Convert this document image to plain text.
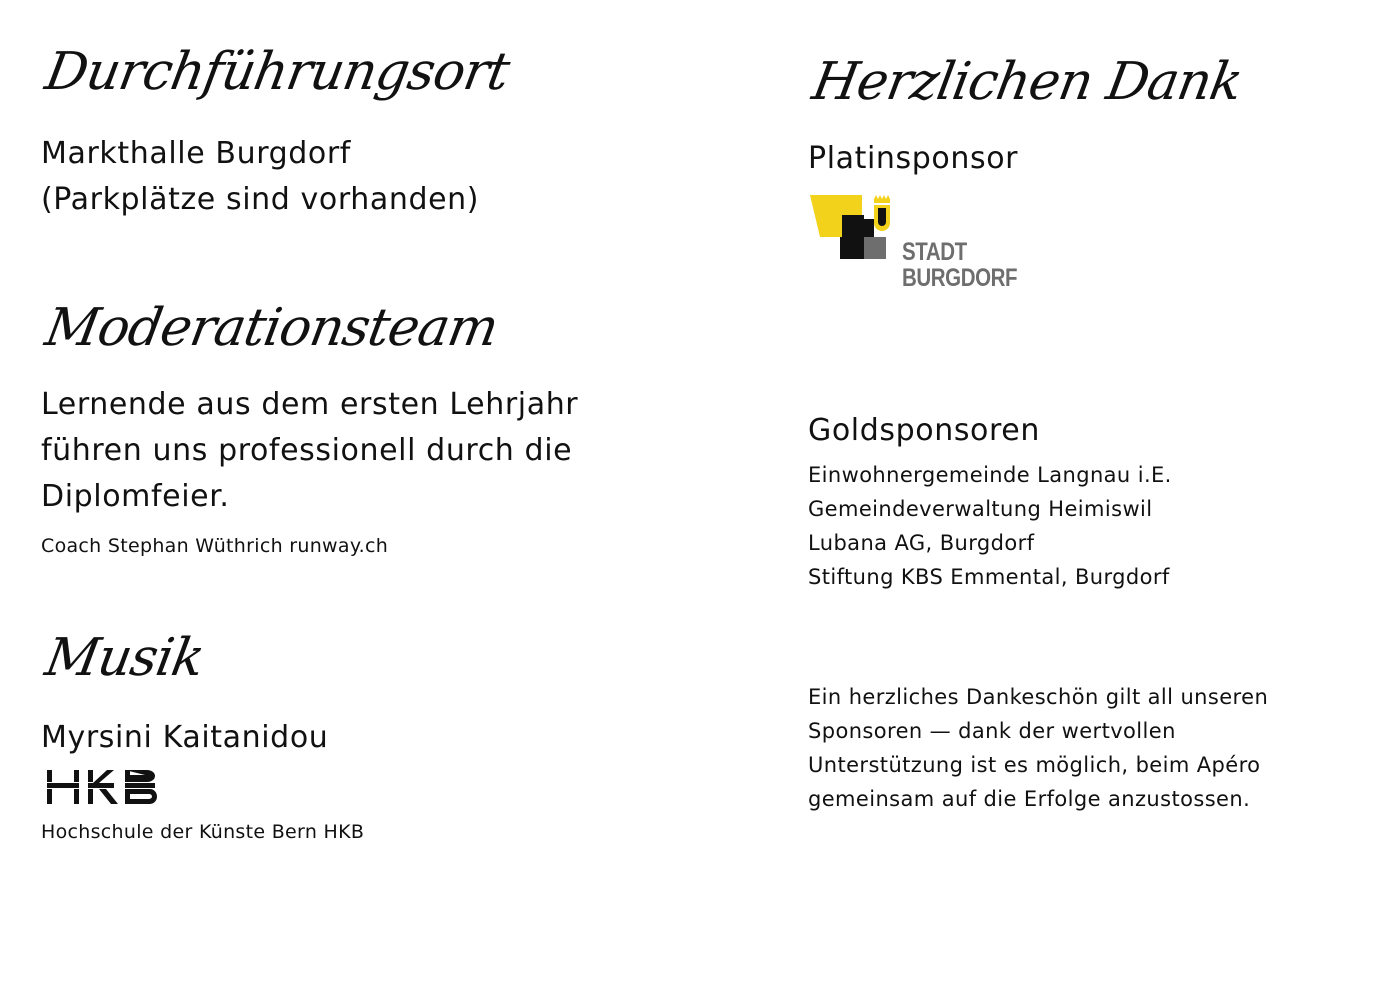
Durchführungsort
Markthalle Burgdorf
(Parkplätze sind vorhanden)
Moderationsteam
Lernende aus dem ersten Lehrjahr
führen uns professionell durch die
Diplomfeier.
Coach Stephan Wüthrich runway.ch
Musik
Myrsini Kaitanidou
Hochschule der Künste Bern HKB
Herzlichen Dank
Platinsponsor
STADT
BURGDORF
Goldsponsoren
Einwohnergemeinde Langnau i.E.
Gemeindeverwaltung Heimiswil
Lubana AG, Burgdorf
Stiftung KBS Emmental, Burgdorf
Ein herzliches Dankeschön gilt all unseren
Sponsoren — dank der wertvollen
Unterstützung ist es möglich, beim Apéro
gemeinsam auf die Erfolge anzustossen.
